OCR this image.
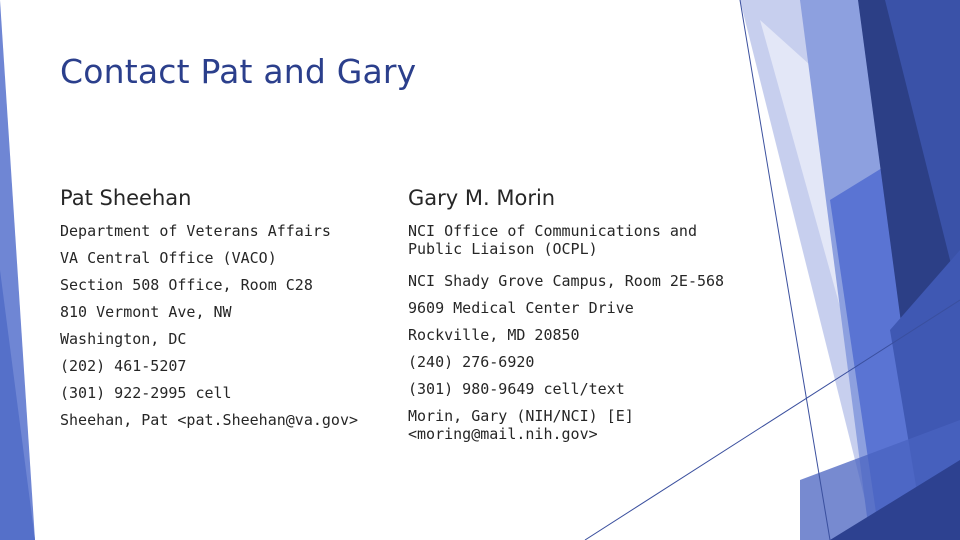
Contact Pat and Gary
Pat Sheehan
Department of Veterans Affairs
VA Central Office (VACO)
Section 508 Office, Room C28
810 Vermont Ave, NW
Washington, DC
(202) 461-5207
(301) 922-2995 cell
Sheehan, Pat <pat.Sheehan@va.gov>
Gary M. Morin
NCI Office of Communications and
Public Liaison (OCPL)
NCI Shady Grove Campus, Room 2E-568
9609 Medical Center Drive
Rockville, MD 20850
(240) 276-6920
(301) 980-9649 cell/text
Morin, Gary (NIH/NCI) [E]
<moring@mail.nih.gov>
